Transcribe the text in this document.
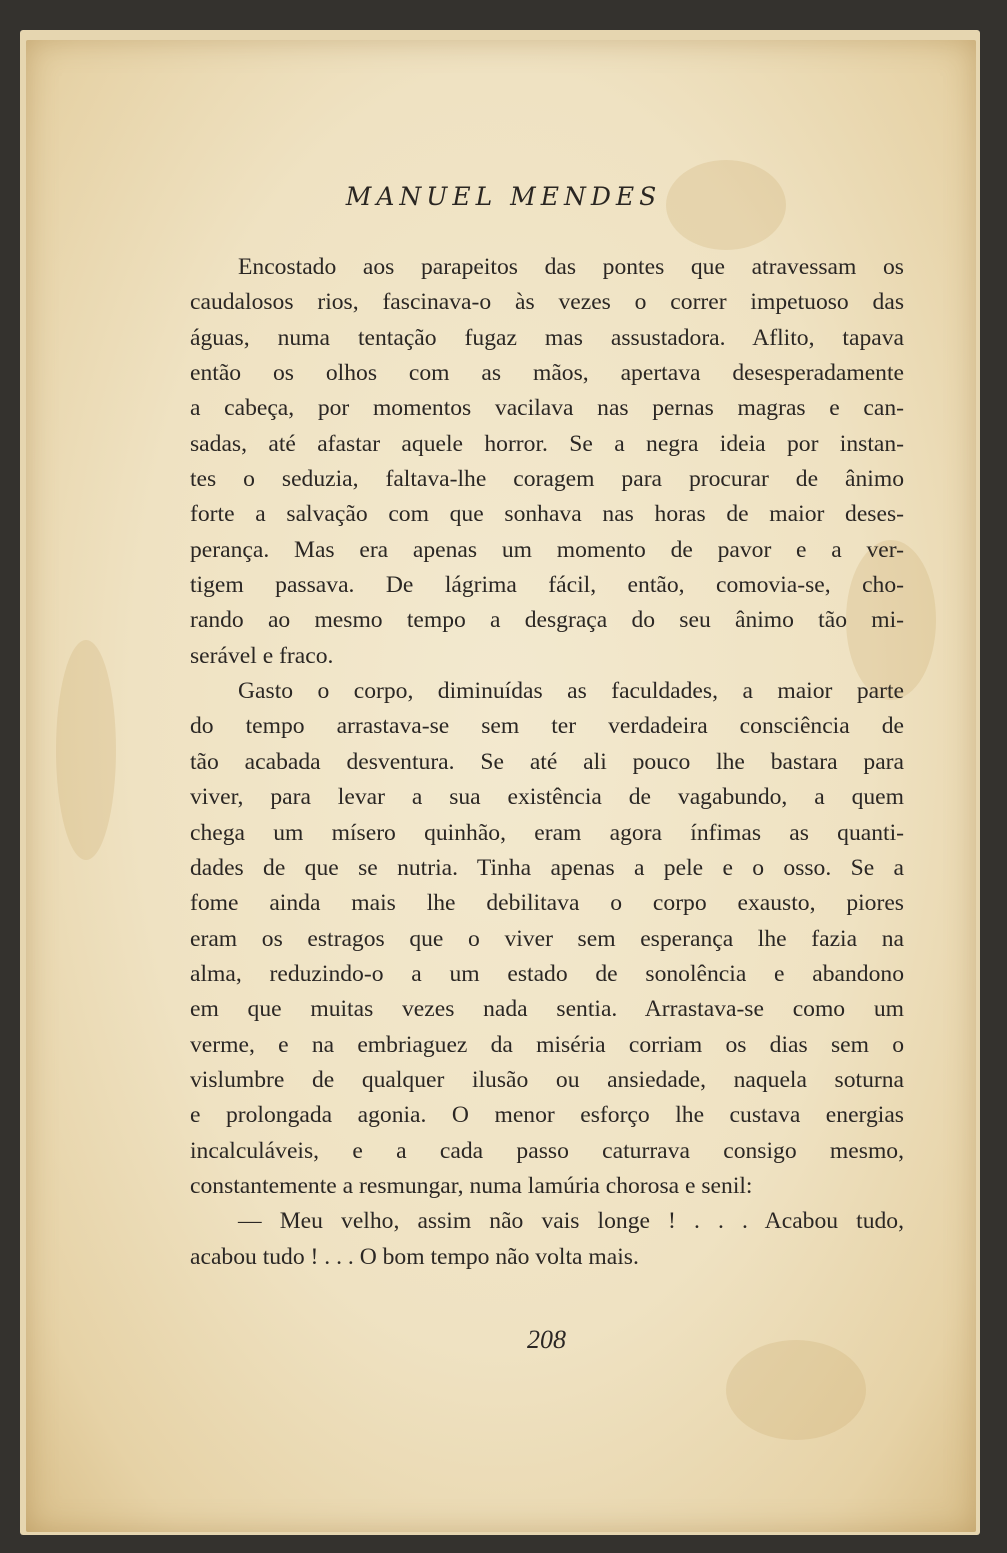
MANUEL MENDES
Encostado aos parapeitos das pontes que atravessam os
caudalosos rios, fascinava-o às vezes o correr impetuoso das
águas, numa tentação fugaz mas assustadora. Aflito, tapava
então os olhos com as mãos, apertava desesperadamente
a cabeça, por momentos vacilava nas pernas magras e can-
sadas, até afastar aquele horror. Se a negra ideia por instan-
tes o seduzia, faltava-lhe coragem para procurar de ânimo
forte a salvação com que sonhava nas horas de maior deses-
perança. Mas era apenas um momento de pavor e a ver-
tigem passava. De lágrima fácil, então, comovia-se, cho-
rando ao mesmo tempo a desgraça do seu ânimo tão mi-
serável e fraco.
Gasto o corpo, diminuídas as faculdades, a maior parte
do tempo arrastava-se sem ter verdadeira consciência de
tão acabada desventura. Se até ali pouco lhe bastara para
viver, para levar a sua existência de vagabundo, a quem
chega um mísero quinhão, eram agora ínfimas as quanti-
dades de que se nutria. Tinha apenas a pele e o osso. Se a
fome ainda mais lhe debilitava o corpo exausto, piores
eram os estragos que o viver sem esperança lhe fazia na
alma, reduzindo-o a um estado de sonolência e abandono
em que muitas vezes nada sentia. Arrastava-se como um
verme, e na embriaguez da miséria corriam os dias sem o
vislumbre de qualquer ilusão ou ansiedade, naquela soturna
e prolongada agonia. O menor esforço lhe custava energias
incalculáveis, e a cada passo caturrava consigo mesmo,
constantemente a resmungar, numa lamúria chorosa e senil:
— Meu velho, assim não vais longe ! . . . Acabou tudo,
acabou tudo ! . . . O bom tempo não volta mais.
208
